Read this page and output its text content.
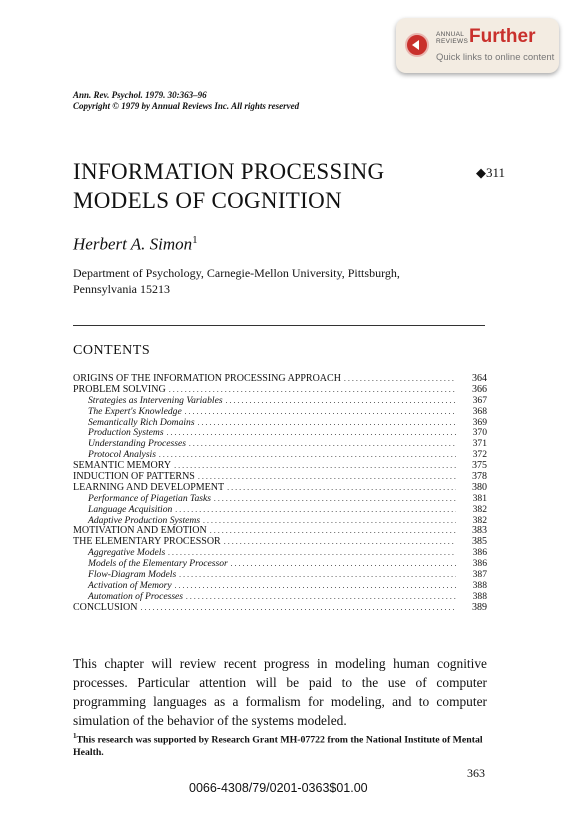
ANNUAL
REVIEWS Further
Quick links to online content
Ann. Rev. Psychol. 1979. 30:363–96
Copyright © 1979 by Annual Reviews Inc. All rights reserved
INFORMATION PROCESSING
MODELS OF COGNITION
◆311
Herbert A. Simon$^1$
Department of Psychology, Carnegie-Mellon University, Pittsburgh,
Pennsylvania 15213
CONTENTS
ORIGINS OF THE INFORMATION PROCESSING APPROACH . . .	364
PROBLEM SOLVING . . .	366
Strategies as Intervening Variables . . .	367
The Expert's Knowledge . . .	368
Semantically Rich Domains . . .	369
Production Systems . . .	370
Understanding Processes . . .	371
Protocol Analysis . . .	372
SEMANTIC MEMORY . . .	375
INDUCTION OF PATTERNS . . .	378
LEARNING AND DEVELOPMENT . . .	380
Performance of Piagetian Tasks . . .	381
Language Acquisition . . .	382
Adaptive Production Systems . . .	382
MOTIVATION AND EMOTION . . .	383
THE ELEMENTARY PROCESSOR . . .	385
Aggregative Models . . .	386
Models of the Elementary Processor . . .	386
Flow-Diagram Models . . .	387
Activation of Memory . . .	388
Automation of Processes . . .	388
CONCLUSION . . .	389
This chapter will review recent progress in modeling human cognitive processes. Particular attention will be paid to the use of computer programming languages as a formalism for modeling, and to computer simulation of the behavior of the systems modeled.
$^1$This research was supported by Research Grant MH-07722 from the National Institute of Mental Health.
363
0066-4308/79/0201-0363$01.00
